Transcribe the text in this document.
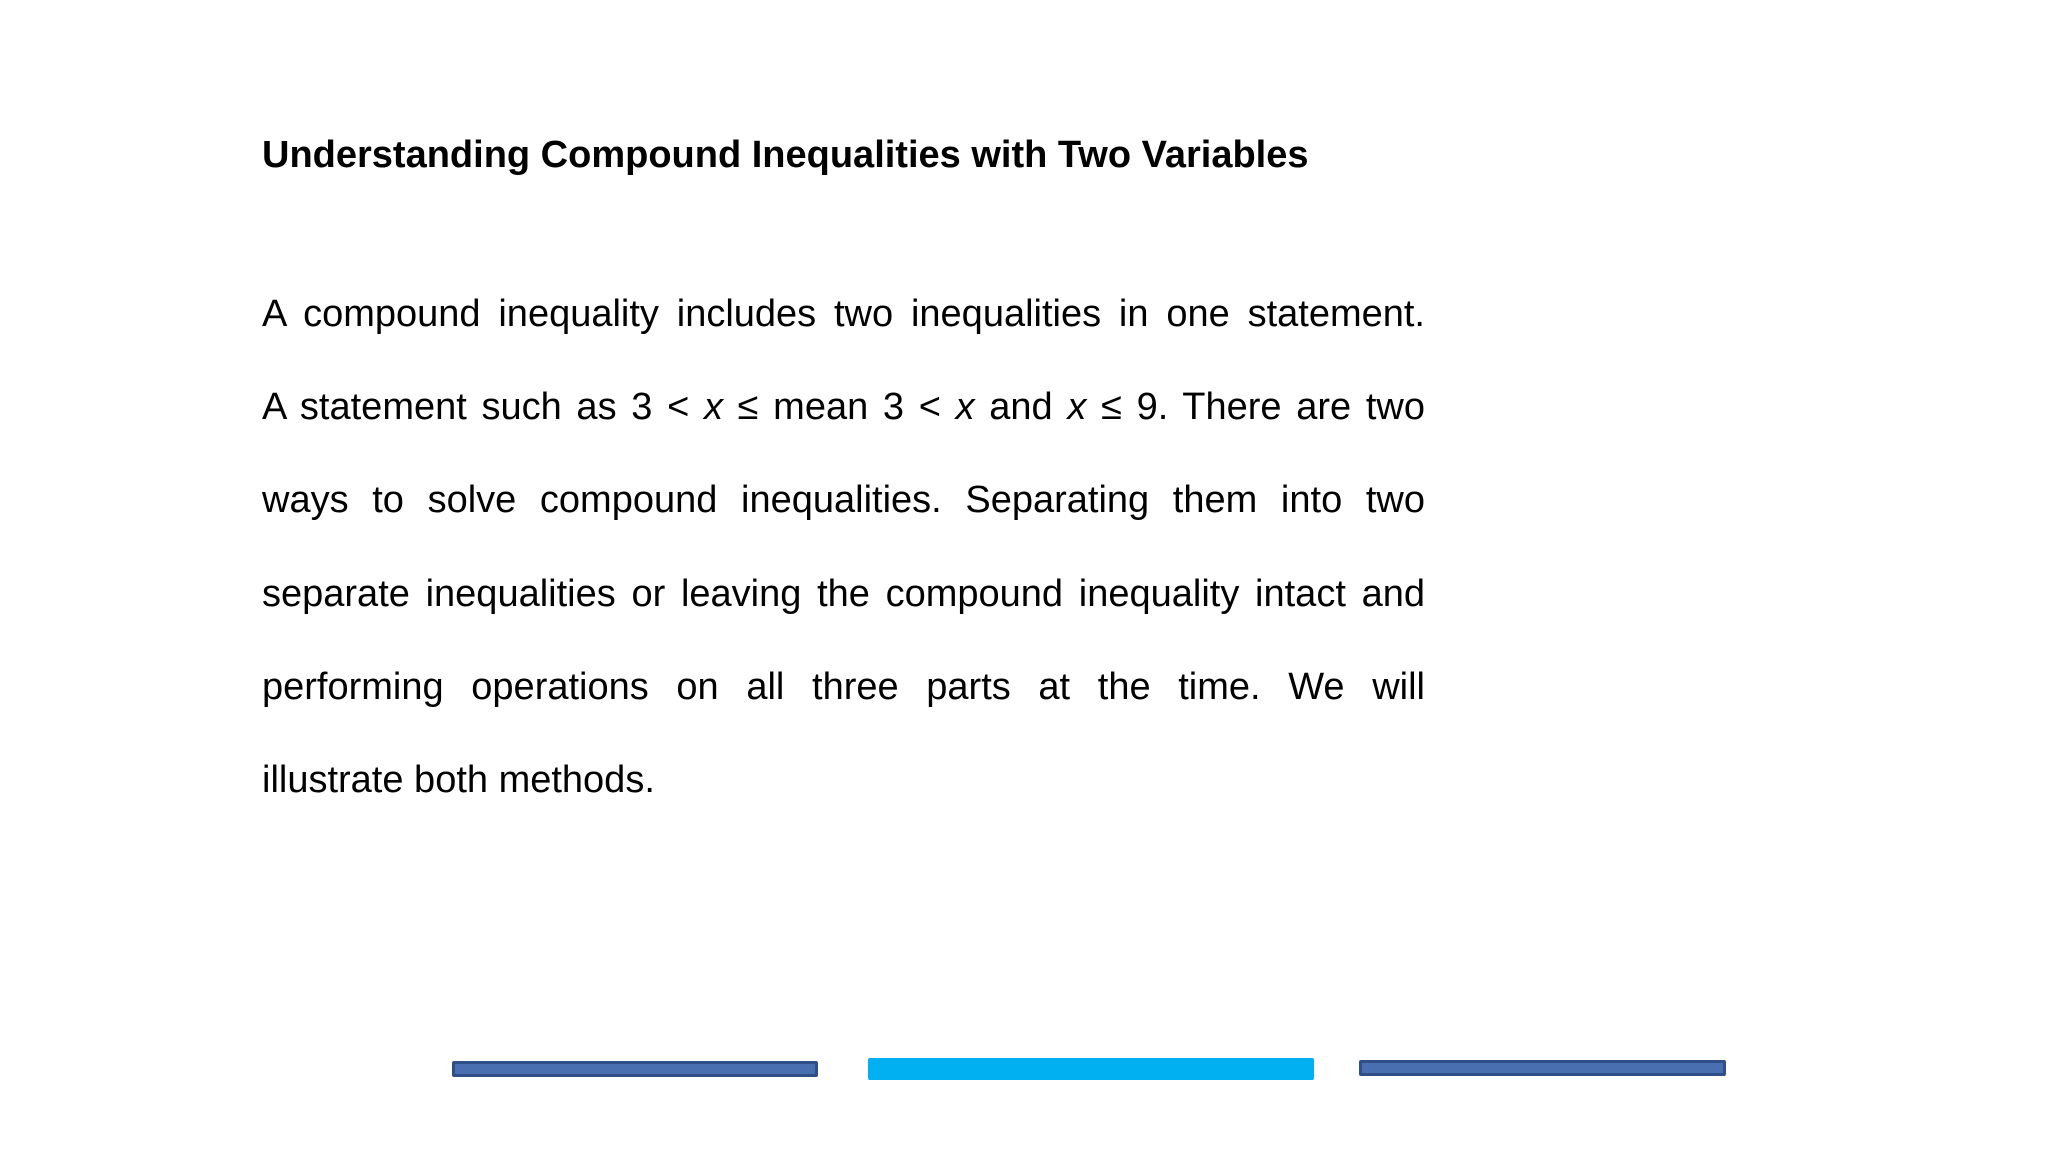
Understanding Compound Inequalities with Two Variables
A compound inequality includes two inequalities in one statement.
A statement such as 3 < x ≤ mean 3 < x and x ≤ 9. There are two
ways to solve compound inequalities. Separating them into two
separate inequalities or leaving the compound inequality intact and
performing operations on all three parts at the time. We will
illustrate both methods.
